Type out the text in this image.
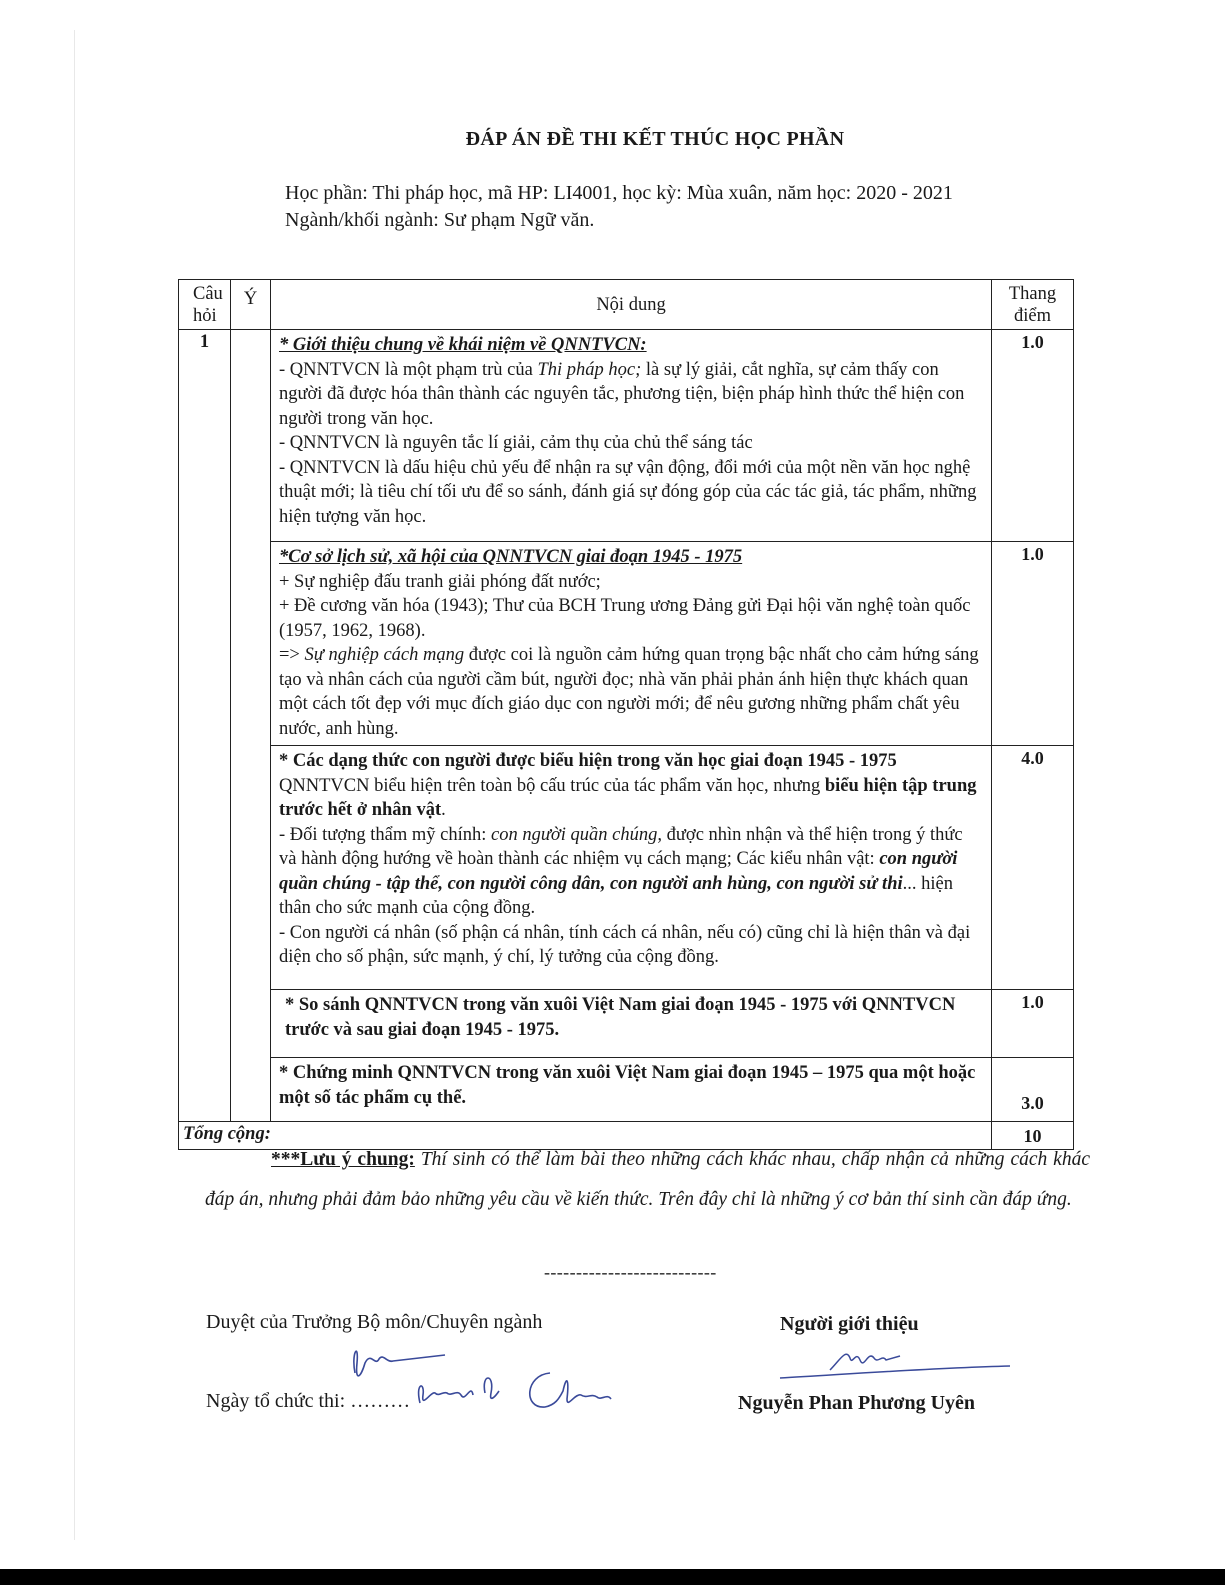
ĐÁP ÁN ĐỀ THI KẾT THÚC HỌC PHẦN
Học phần: Thi pháp học, mã HP: LI4001, học kỳ: Mùa xuân, năm học: 2020 - 2021
Ngành/khối ngành: Sư phạm Ngữ văn.
Câu hỏi	Ý	Nội dung	Thang điểm
1		* Giới thiệu chung về khái niệm về QNNTVCN:

- QNNTVCN là một phạm trù của Thi pháp học; là sự lý giải, cắt nghĩa, sự cảm thấy con người đã được hóa thân thành các nguyên tắc, phương tiện, biện pháp hình thức thể hiện con người trong văn học.

- QNNTVCN là nguyên tắc lí giải, cảm thụ của chủ thể sáng tác

- QNNTVCN là dấu hiệu chủ yếu để nhận ra sự vận động, đổi mới của một nền văn học nghệ thuật mới; là tiêu chí tối ưu để so sánh, đánh giá sự đóng góp của các tác giả, tác phẩm, những hiện tượng văn học.	1.0

		*Cơ sở lịch sử, xã hội của QNNTVCN giai đoạn 1945 - 1975

+ Sự nghiệp đấu tranh giải phóng đất nước;

+ Đề cương văn hóa (1943); Thư của BCH Trung ương Đảng gửi Đại hội văn nghệ toàn quốc (1957, 1962, 1968).

=> Sự nghiệp cách mạng được coi là nguồn cảm hứng quan trọng bậc nhất cho cảm hứng sáng tạo và nhân cách của người cầm bút, người đọc; nhà văn phải phản ánh hiện thực khách quan một cách tốt đẹp với mục đích giáo dục con người mới; để nêu gương những phẩm chất yêu nước, anh hùng.	1.0

		* Các dạng thức con người được biểu hiện trong văn học giai đoạn 1945 - 1975

QNNTVCN biểu hiện trên toàn bộ cấu trúc của tác phẩm văn học, nhưng biểu hiện tập trung trước hết ở nhân vật.

- Đối tượng thẩm mỹ chính: con người quần chúng, được nhìn nhận và thể hiện trong ý thức và hành động hướng về hoàn thành các nhiệm vụ cách mạng; Các kiểu nhân vật: con người quần chúng - tập thể, con người công dân, con người anh hùng, con người sử thi... hiện thân cho sức mạnh của cộng đồng.

- Con người cá nhân (số phận cá nhân, tính cách cá nhân, nếu có) cũng chỉ là hiện thân và đại diện cho số phận, sức mạnh, ý chí, lý tưởng của cộng đồng.	4.0

		* So sánh QNNTVCN trong văn xuôi Việt Nam giai đoạn 1945 - 1975 với QNNTVCN trước và sau giai đoạn 1945 - 1975.	1.0

		* Chứng minh QNNTVCN trong văn xuôi Việt Nam giai đoạn 1945 – 1975 qua một hoặc một số tác phẩm cụ thể.	3.0
Tổng cộng:			10
***Lưu ý chung: Thí sinh có thể làm bài theo những cách khác nhau, chấp nhận cả những cách khác đáp án, nhưng phải đảm bảo những yêu cầu về kiến thức. Trên đây chỉ là những ý cơ bản thí sinh cần đáp ứng.
---------------------------
Duyệt của Trưởng Bộ môn/Chuyên ngành
Ngày tổ chức thi: ………
Nguyễn Thị Chính	Người giới thiệu
Nguyễn Phan Phương Uyên
